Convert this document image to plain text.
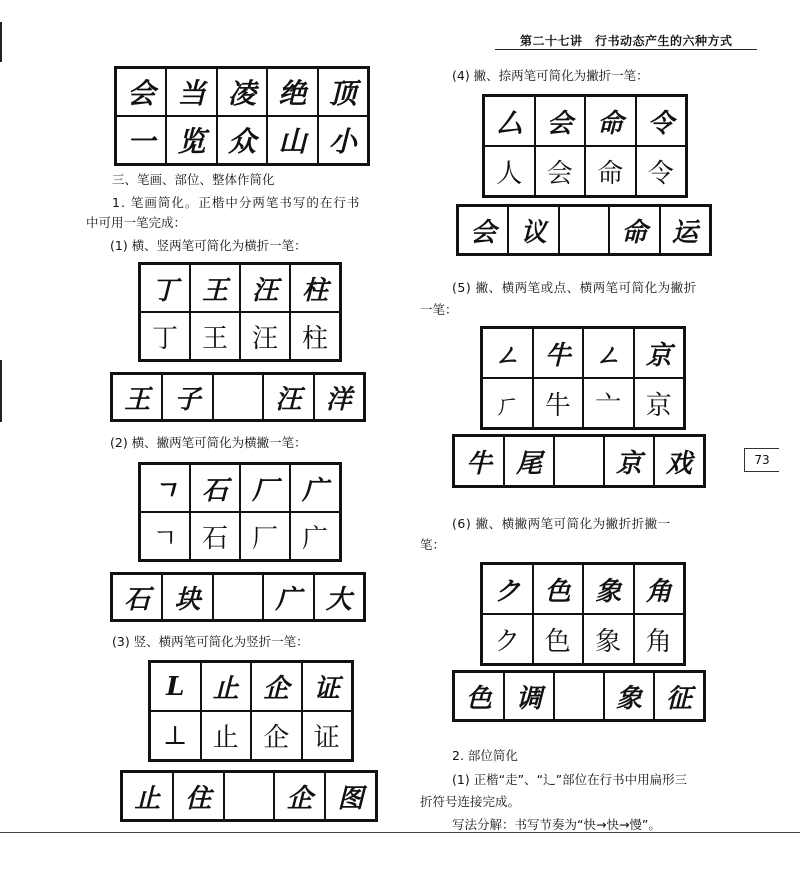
第二十七讲　行书动态产生的六种方式
73
会 当 凌 绝 顶
一 览 众 山 小
三、笔画、部位、整体作简化
1. 笔画简化。正楷中分两笔书写的在行书
中可用一笔完成：
(1) 横、竖两笔可简化为横折一笔：
丁 王 汪 柱
丁 王 汪 柱
王 子	汪 洋
(2) 横、撇两笔可简化为横撇一笔：
ㄱ 石 厂 广
ㄱ 石 厂 广
石 块	广 大
(3) 竖、横两笔可简化为竖折一笔：
L	止 企 证
⊥ 止 企 证
止 住	企 图
(4) 撇、捺两笔可简化为撇折一笔：
厶 会 命 令
人 会 命 令
会 议	命 运
(5) 撇、横两笔或点、横两笔可简化为撇折
一笔：
ㄥ 牛 ㄥ 京
ㄏ 牛 亠 京
牛 尾	京 戏
(6) 撇、横撇两笔可简化为撇折折撇一
笔：
ク 色 象 角
ク 色 象 角
色 调	象 征
2. 部位简化
(1) 正楷“走”、“辶”部位在行书中用扁形三
折符号连接完成。
写法分解：书写节奏为“快→快→慢”。
